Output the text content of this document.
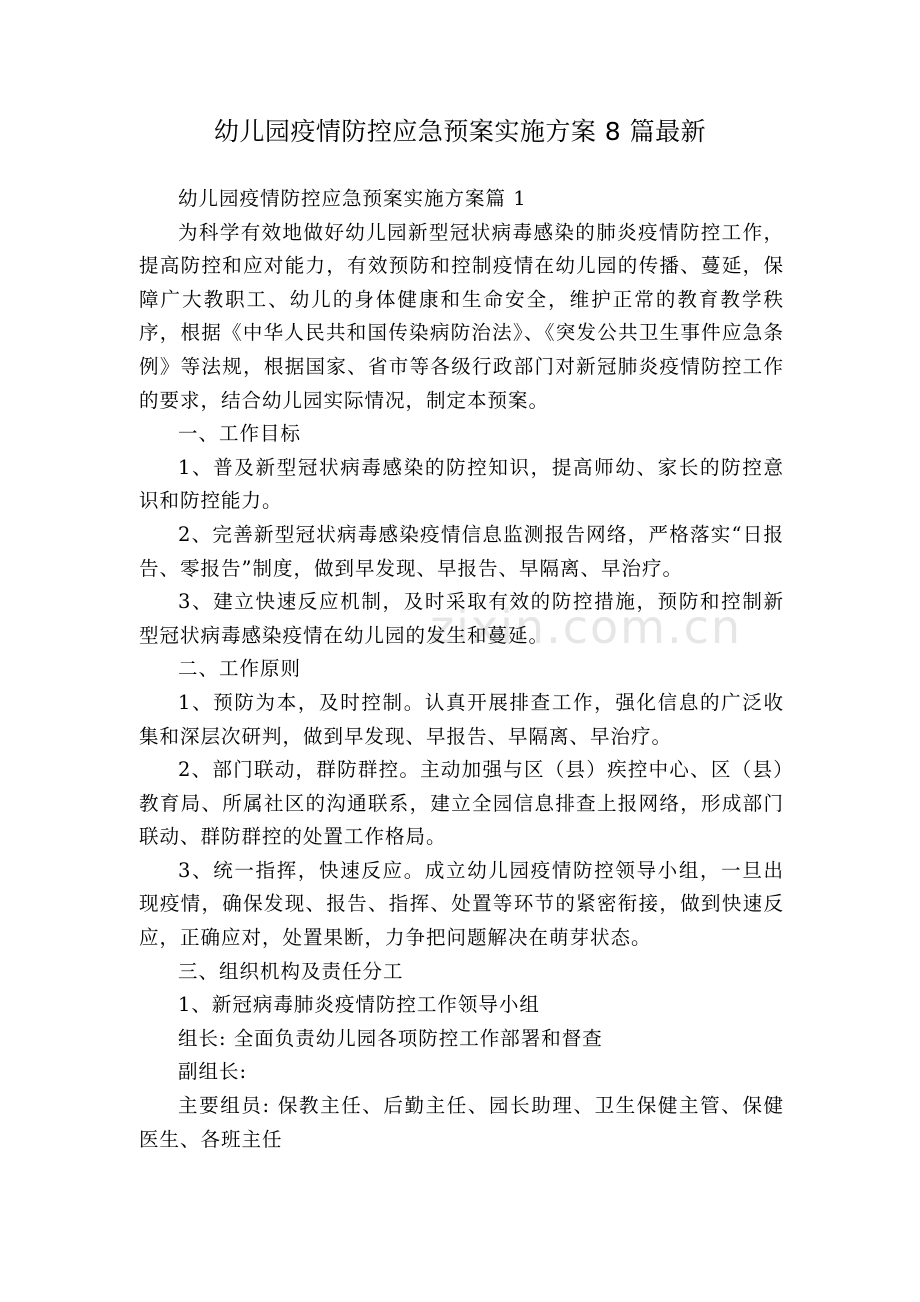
zixin.com.cn
幼儿园疫情防控应急预案实施方案 8 篇最新

幼儿园疫情防控应急预案实施方案篇 1

为科学有效地做好幼儿园新型冠状病毒感染的肺炎疫情防控工作，提高防控和应对能力，有效预防和控制疫情在幼儿园的传播、蔓延，保障广大教职工、幼儿的身体健康和生命安全，维护正常的教育教学秩序，根据《中华人民共和国传染病防治法》、《突发公共卫生事件应急条例》等法规，根据国家、省市等各级行政部门对新冠肺炎疫情防控工作的要求，结合幼儿园实际情况，制定本预案。

一、工作目标

1、普及新型冠状病毒感染的防控知识，提高师幼、家长的防控意识和防控能力。

2、完善新型冠状病毒感染疫情信息监测报告网络，严格落实“日报告、零报告”制度，做到早发现、早报告、早隔离、早治疗。

3、建立快速反应机制，及时采取有效的防控措施，预防和控制新型冠状病毒感染疫情在幼儿园的发生和蔓延。

二、工作原则

1、预防为本，及时控制。认真开展排查工作，强化信息的广泛收集和深层次研判，做到早发现、早报告、早隔离、早治疗。

2、部门联动，群防群控。主动加强与区（县）疾控中心、区（县）教育局、所属社区的沟通联系，建立全园信息排查上报网络，形成部门联动、群防群控的处置工作格局。

3、统一指挥，快速反应。成立幼儿园疫情防控领导小组，一旦出现疫情，确保发现、报告、指挥、处置等环节的紧密衔接，做到快速反应，正确应对，处置果断，力争把问题解决在萌芽状态。

三、组织机构及责任分工

1、新冠病毒肺炎疫情防控工作领导小组

组长: 全面负责幼儿园各项防控工作部署和督查

副组长:

主要组员: 保教主任、后勤主任、园长助理、卫生保健主管、保健医生、各班主任
